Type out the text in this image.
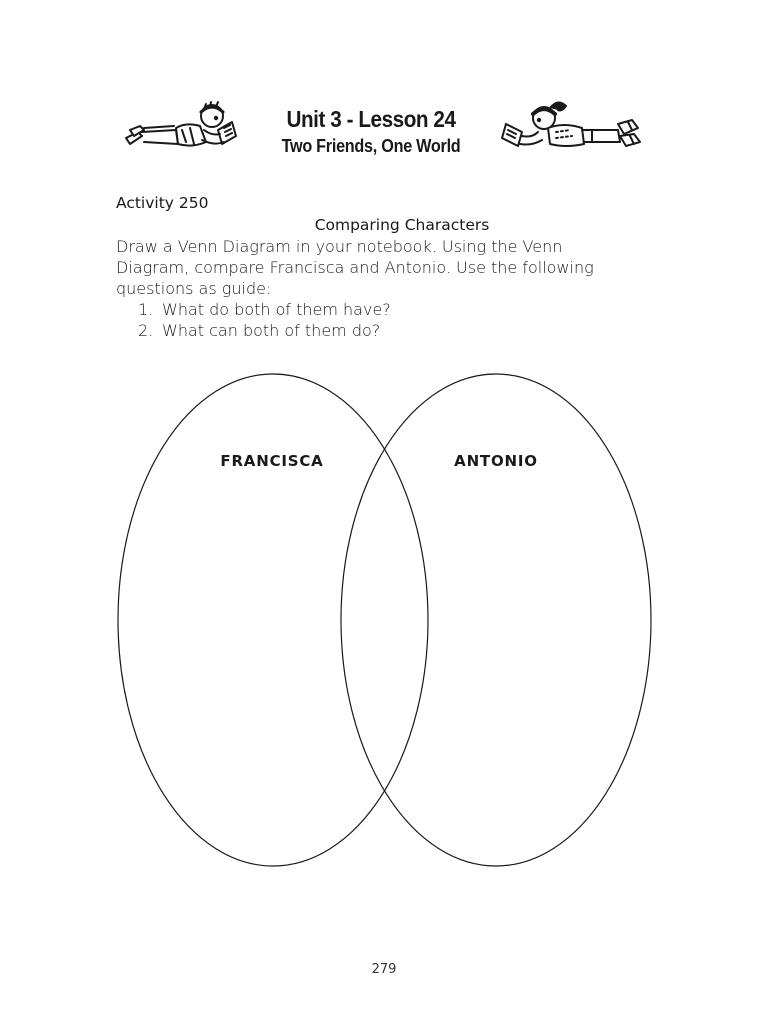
Unit 3 - Lesson 24
Two Friends, One World
Activity 250
Comparing Characters

Draw a Venn Diagram in your notebook. Using the Venn

Diagram, compare Francisca and Antonio. Use the following

questions as guide:

1. What do both of them have?
2. What can both of them do?
FRANCISCA	ANTONIO
279
